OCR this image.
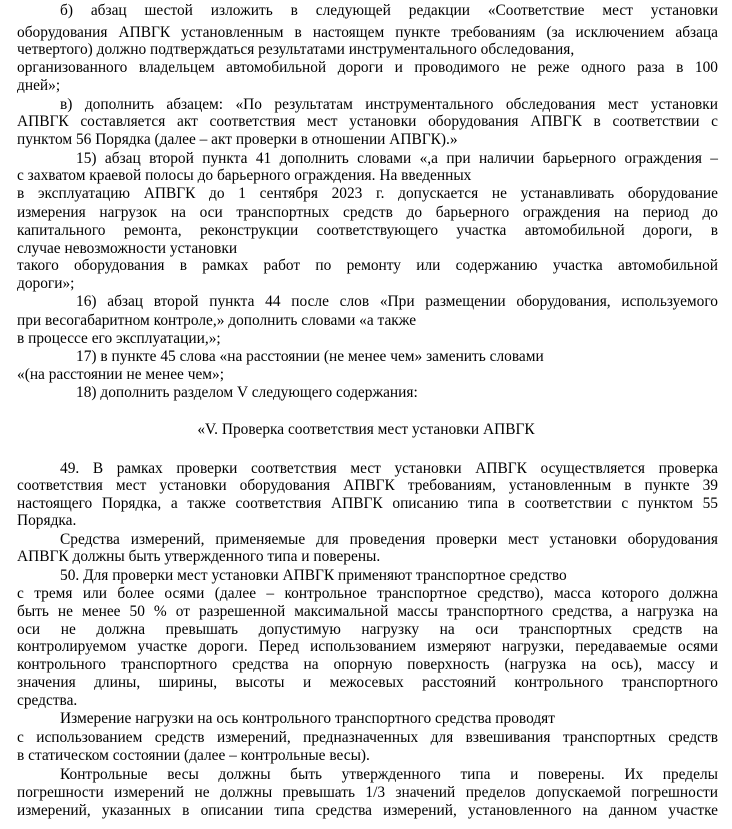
б) абзац шестой изложить в следующей редакции «Соответствие мест установки
оборудования АПВГК установленным в настоящем пункте требованиям (за исключением абзаца
четвертого) должно подтверждаться результатами инструментального обследования,
организованного владельцем автомобильной дороги и проводимого не реже одного раза в 100
дней»;
в) дополнить абзацем: «По результатам инструментального обследования мест установки
АПВГК составляется акт соответствия мест установки оборудования АПВГК в соответствии с
пунктом 56 Порядка (далее – акт проверки в отношении АПВГК).»
15) абзац второй пункта 41 дополнить словами «,а при наличии барьерного ограждения –
с захватом краевой полосы до барьерного ограждения. На введенных
в эксплуатацию АПВГК до 1 сентября 2023 г. допускается не устанавливать оборудование
измерения нагрузок на оси транспортных средств до барьерного ограждения на период до
капитального ремонта, реконструкции соответствующего участка автомобильной дороги, в
случае невозможности установки
такого оборудования в рамках работ по ремонту или содержанию участка автомобильной
дороги»;
16) абзац второй пункта 44 после слов «При размещении оборудования, используемого
при весогабаритном контроле,» дополнить словами «а также
в процессе его эксплуатации,»;
17) в пункте 45 слова «на расстоянии (не менее чем» заменить словами
«(на расстоянии не менее чем»;
18) дополнить разделом V следующего содержания:
«V. Проверка соответствия мест установки АПВГК
49. В рамках проверки соответствия мест установки АПВГК осуществляется проверка
соответствия мест установки оборудования АПВГК требованиям, установленным в пункте 39
настоящего Порядка, а также соответствия АПВГК описанию типа в соответствии с пунктом 55
Порядка.
Средства измерений, применяемые для проведения проверки мест установки оборудования
АПВГК должны быть утвержденного типа и поверены.
50. Для проверки мест установки АПВГК применяют транспортное средство
с тремя или более осями (далее – контрольное транспортное средство), масса которого должна
быть не менее 50 % от разрешенной максимальной массы транспортного средства, а нагрузка на
оси не должна превышать допустимую нагрузку на оси транспортных средств на
контролируемом участке дороги. Перед использованием измеряют нагрузки, передаваемые осями
контрольного транспортного средства на опорную поверхность (нагрузка на ось), массу и
значения длины, ширины, высоты и межосевых расстояний контрольного транспортного
средства.
Измерение нагрузки на ось контрольного транспортного средства проводят
с использованием средств измерений, предназначенных для взвешивания транспортных средств
в статическом состоянии (далее – контрольные весы).
Контрольные весы должны быть утвержденного типа и поверены. Их пределы
погрешности измерений не должны превышать 1/3 значений пределов допускаемой погрешности
измерений, указанных в описании типа средства измерений, установленного на данном участке
